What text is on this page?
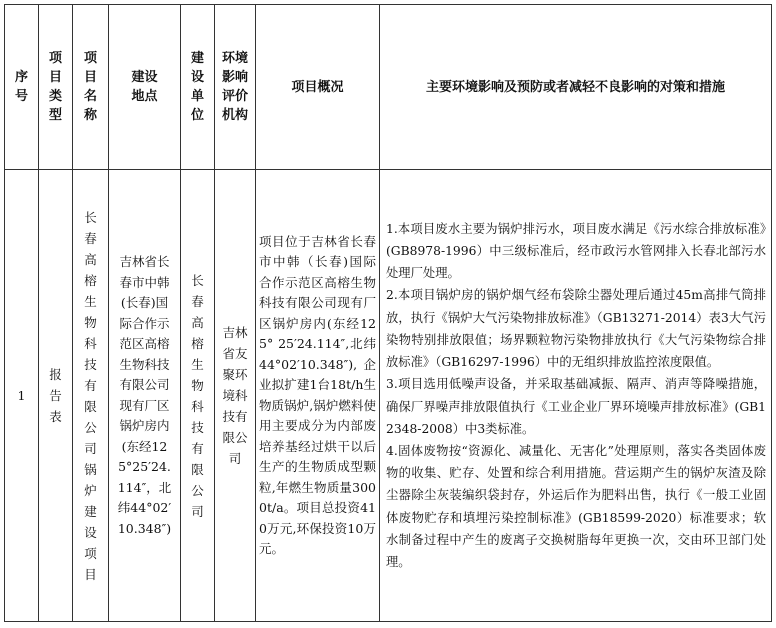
序号	项目类型	项目名称	建设地点	建设单位	环境影响评价机构	项目概况	主要环境影响及预防或者减轻不良影响的对策和措施
1	报告表	长春高榕生物科技有限公司锅炉建设项目	吉林省长春市中韩(长春)国际合作示范区高榕生物科技有限公司现有厂区锅炉房内(东经125°25′24.114″，北纬44°02′10.348″)	长春高榕生物科技有限公司	吉林省友聚环境科技有限公司	项目位于吉林省长春市中韩（长春)国际合作示范区高榕生物科技有限公司现有厂区锅炉房内(东经125° 25′24.114″,北纬44°02′10.348″),企业拟扩建1台18t/h生物质锅炉,锅炉燃料使用主要成分为内部废培养基经过烘干以后生产的生物质成型颗粒,年燃生物质量3000t/a。项目总投资410万元,环保投资10万元。	1.本项目废水主要为锅炉排污水，项目废水满足《污水综合排放标准》(GB8978-1996）中三级标准后，经市政污水管网排入长春北部污水处理厂处理。

2.本项目锅炉房的锅炉烟气经布袋除尘器处理后通过45m高排气筒排放，执行《锅炉大气污染物排放标准》（GB13271-2014）表3大气污染物特别排放限值；场界颗粒物污染物排放执行《大气污染物综合排放标准》（GB16297-1996）中的无组织排放监控浓度限值。

3.项目选用低噪声设备，并采取基础减振、隔声、消声等降噪措施，确保厂界噪声排放限值执行《工业企业厂界环境噪声排放标准》(GB12348-2008）中3类标准。

4.固体废物按“资源化、减量化、无害化”处理原则，落实各类固体废物的收集、贮存、处置和综合利用措施。营运期产生的锅炉灰渣及除尘器除尘灰装编织袋封存，外运后作为肥料出售，执行《一般工业固体废物贮存和填埋污染控制标准》(GB18599-2020）标准要求；软水制备过程中产生的废离子交换树脂每年更换一次，交由环卫部门处理。
